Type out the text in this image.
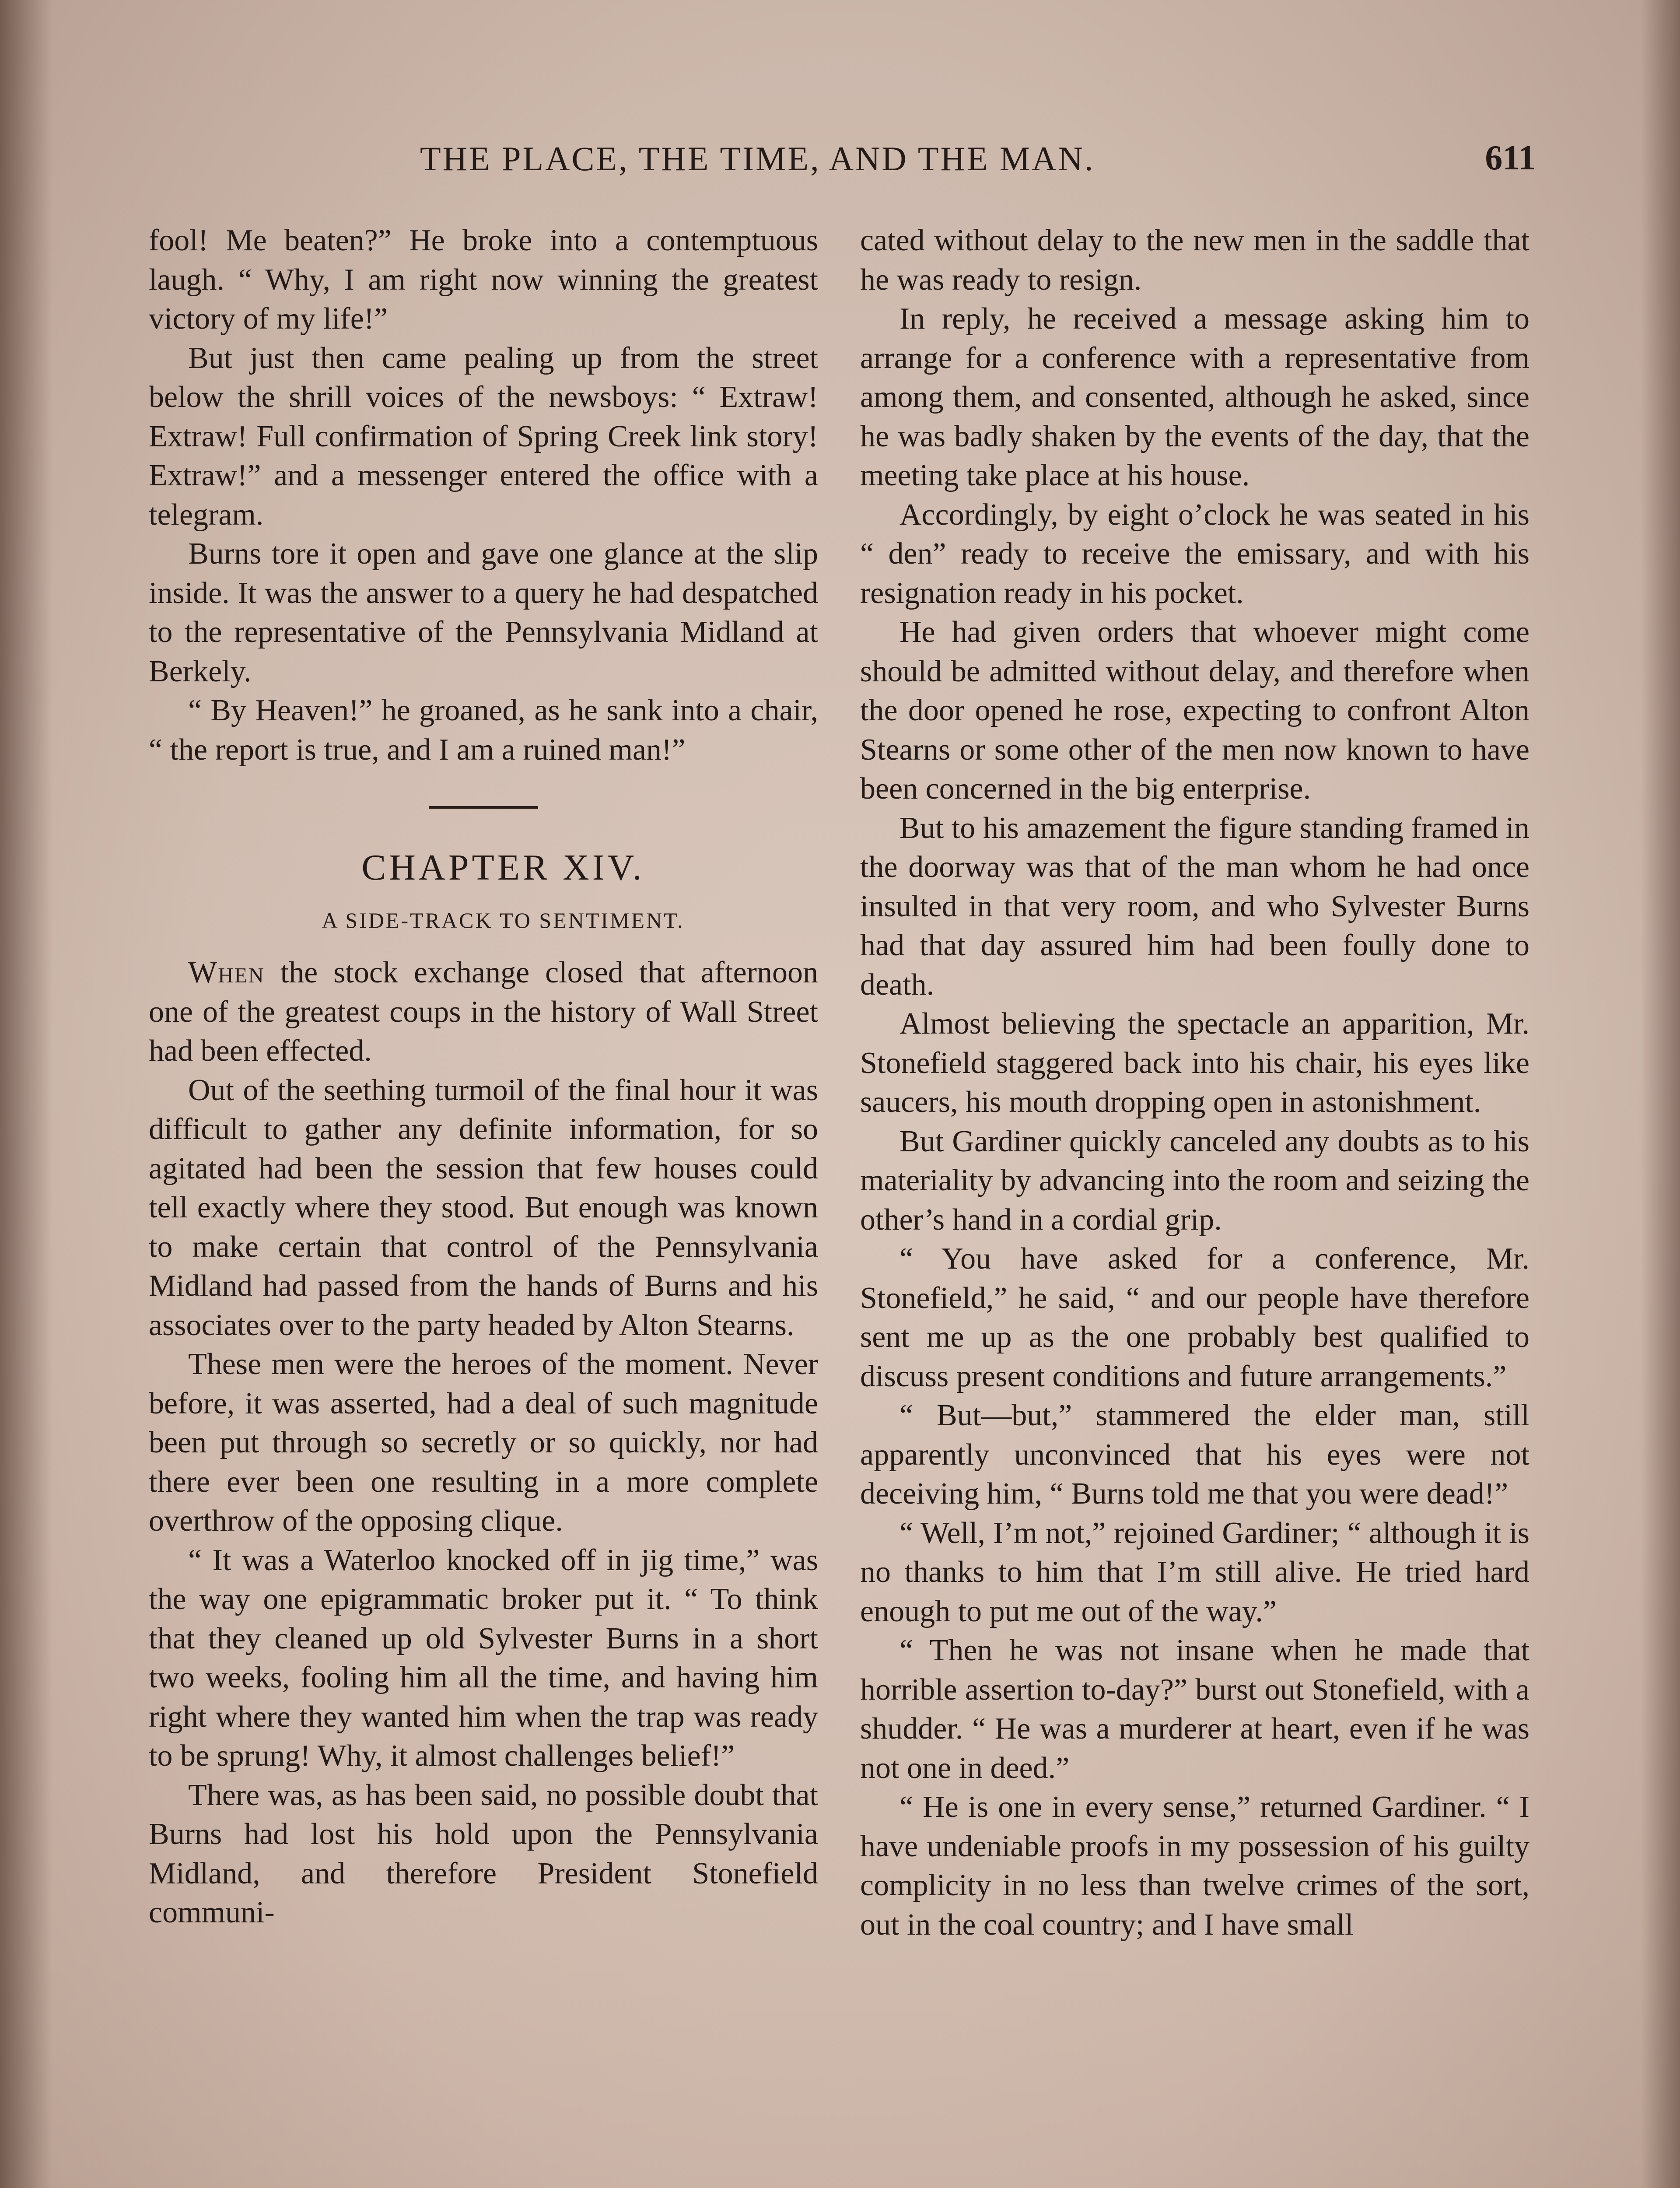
THE PLACE, THE TIME, AND THE MAN.	611

fool! Me beaten?” He broke into a contemptuous laugh. “ Why, I am right now winning the greatest victory of my life!”

But just then came pealing up from the street below the shrill voices of the newsboys: “ Extraw! Extraw! Full confirmation of Spring Creek link story! Extraw!” and a messenger entered the office with a telegram.

Burns tore it open and gave one glance at the slip inside. It was the answer to a query he had despatched to the representative of the Pennsylvania Midland at Berkely.

“ By Heaven!” he groaned, as he sank into a chair, “ the report is true, and I am a ruined man!”

CHAPTER XIV.

A SIDE-TRACK TO SENTIMENT.

When the stock exchange closed that afternoon one of the greatest coups in the history of Wall Street had been effected.

Out of the seething turmoil of the final hour it was difficult to gather any definite information, for so agitated had been the session that few houses could tell exactly where they stood. But enough was known to make certain that control of the Pennsylvania Midland had passed from the hands of Burns and his associates over to the party headed by Alton Stearns.

These men were the heroes of the moment. Never before, it was asserted, had a deal of such magnitude been put through so secretly or so quickly, nor had there ever been one resulting in a more complete overthrow of the opposing clique.

“ It was a Waterloo knocked off in jig time,” was the way one epigrammatic broker put it. “ To think that they cleaned up old Sylvester Burns in a short two weeks, fooling him all the time, and having him right where they wanted him when the trap was ready to be sprung! Why, it almost challenges belief!”

There was, as has been said, no possible doubt that Burns had lost his hold upon the Pennsylvania Midland, and therefore President Stonefield communi-

cated without delay to the new men in the saddle that he was ready to resign.

In reply, he received a message asking him to arrange for a conference with a representative from among them, and consented, although he asked, since he was badly shaken by the events of the day, that the meeting take place at his house.

Accordingly, by eight o’clock he was seated in his “ den” ready to receive the emissary, and with his resignation ready in his pocket.

He had given orders that whoever might come should be admitted without delay, and therefore when the door opened he rose, expecting to confront Alton Stearns or some other of the men now known to have been concerned in the big enterprise.

But to his amazement the figure standing framed in the doorway was that of the man whom he had once insulted in that very room, and who Sylvester Burns had that day assured him had been foully done to death.

Almost believing the spectacle an apparition, Mr. Stonefield staggered back into his chair, his eyes like saucers, his mouth dropping open in astonishment.

But Gardiner quickly canceled any doubts as to his materiality by advancing into the room and seizing the other’s hand in a cordial grip.

“ You have asked for a conference, Mr. Stonefield,” he said, “ and our people have therefore sent me up as the one probably best qualified to discuss present conditions and future arrangements.”

“ But—but,” stammered the elder man, still apparently unconvinced that his eyes were not deceiving him, “ Burns told me that you were dead!”

“ Well, I’m not,” rejoined Gardiner; “ although it is no thanks to him that I’m still alive. He tried hard enough to put me out of the way.”

“ Then he was not insane when he made that horrible assertion to-day?” burst out Stonefield, with a shudder. “ He was a murderer at heart, even if he was not one in deed.”

“ He is one in every sense,” returned Gardiner. “ I have undeniable proofs in my possession of his guilty complicity in no less than twelve crimes of the sort, out in the coal country; and I have small
